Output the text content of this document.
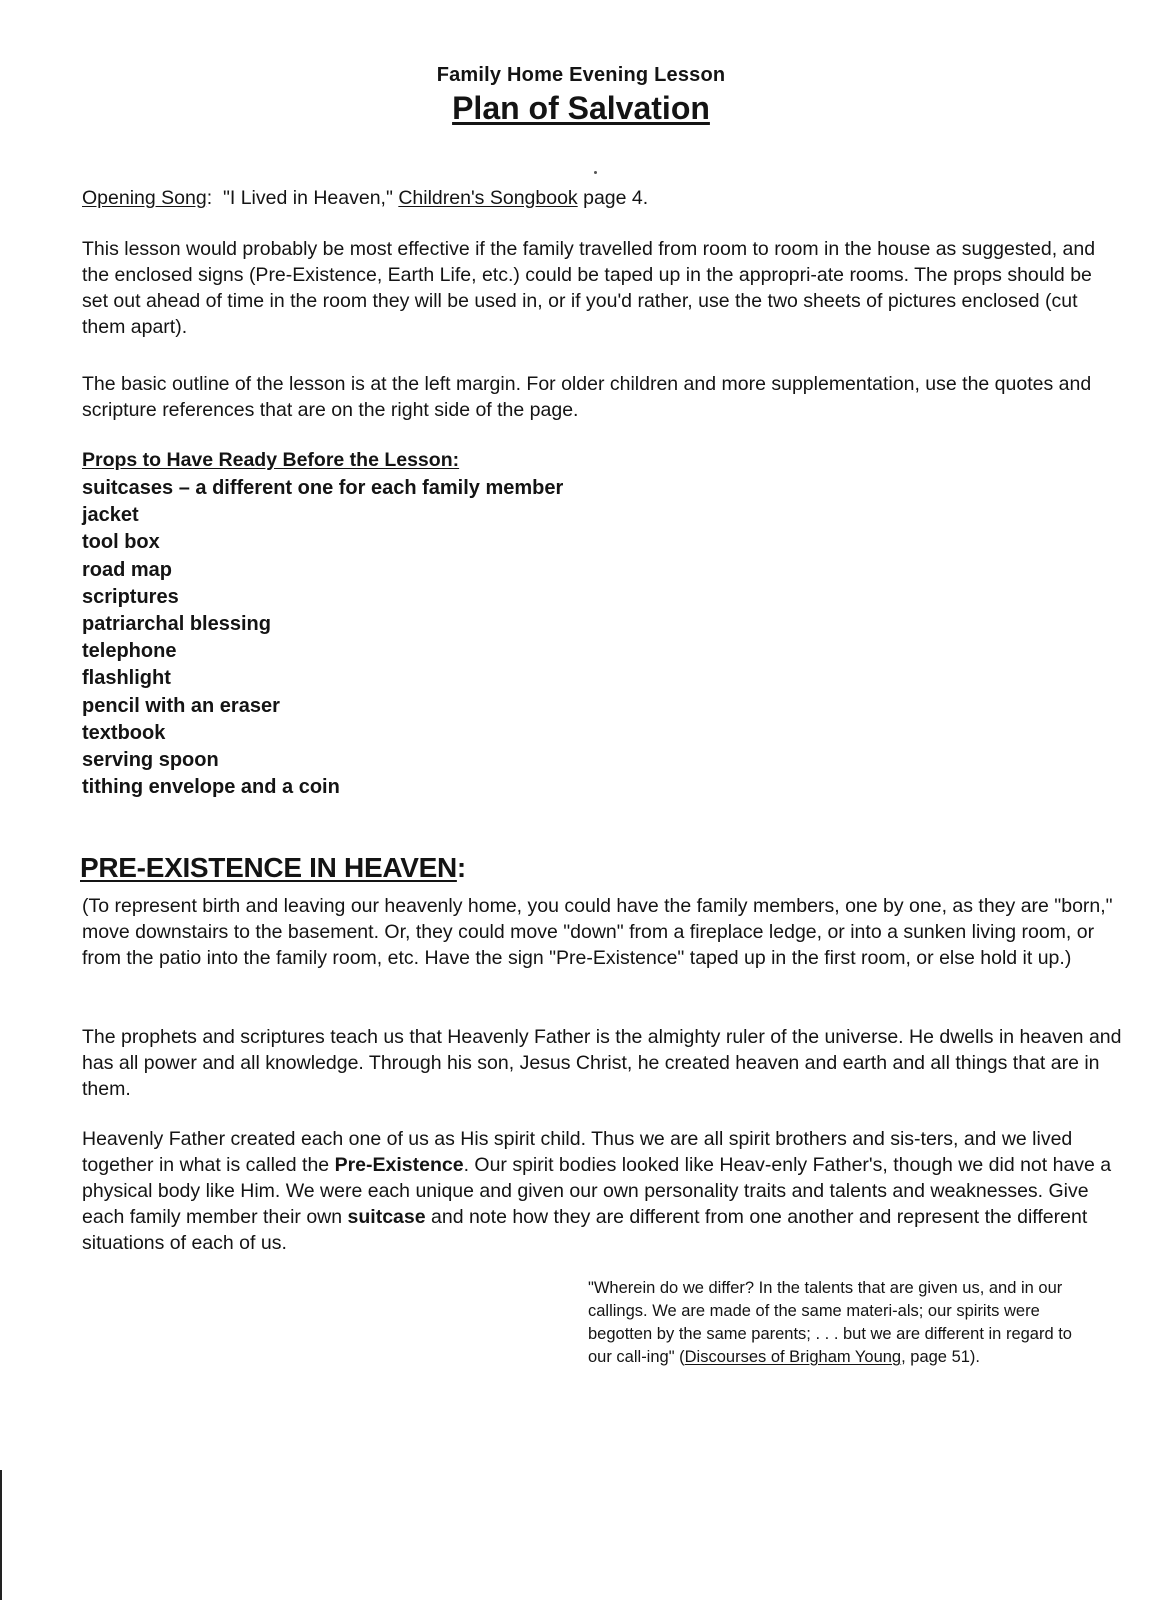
Family Home Evening Lesson
Plan of Salvation
Opening Song:  "I Lived in Heaven," Children's Songbook page 4.
This lesson would probably be most effective if the family travelled from room to room in the house as suggested, and the enclosed signs (Pre-Existence, Earth Life, etc.) could be taped up in the appropri-ate rooms. The props should be set out ahead of time in the room they will be used in, or if you'd rather, use the two sheets of pictures enclosed (cut them apart).
The basic outline of the lesson is at the left margin. For older children and more supplementation, use the quotes and scripture references that are on the right side of the page.
Props to Have Ready Before the Lesson:
suitcases – a different one for each family member
jacket
tool box
road map
scriptures
patriarchal blessing
telephone
flashlight
pencil with an eraser
textbook
serving spoon
tithing envelope and a coin
PRE-EXISTENCE IN HEAVEN:
(To represent birth and leaving our heavenly home, you could have the family members, one by one, as they are "born," move downstairs to the basement. Or, they could move "down" from a fireplace ledge, or into a sunken living room, or from the patio into the family room, etc. Have the sign "Pre-Existence" taped up in the first room, or else hold it up.)
The prophets and scriptures teach us that Heavenly Father is the almighty ruler of the universe. He dwells in heaven and has all power and all knowledge. Through his son, Jesus Christ, he created heaven and earth and all things that are in them.
Heavenly Father created each one of us as His spirit child. Thus we are all spirit brothers and sis-ters, and we lived together in what is called the Pre-Existence. Our spirit bodies looked like Heav-enly Father's, though we did not have a physical body like Him. We were each unique and given our own personality traits and talents and weaknesses. Give each family member their own suitcase and note how they are different from one another and represent the different situations of each of us.
"Wherein do we differ? In the talents that are given us, and in our callings. We are made of the same materi-als; our spirits were begotten by the same parents; . . . but we are different in regard to our call-ing" (Discourses of Brigham Young, page 51).
